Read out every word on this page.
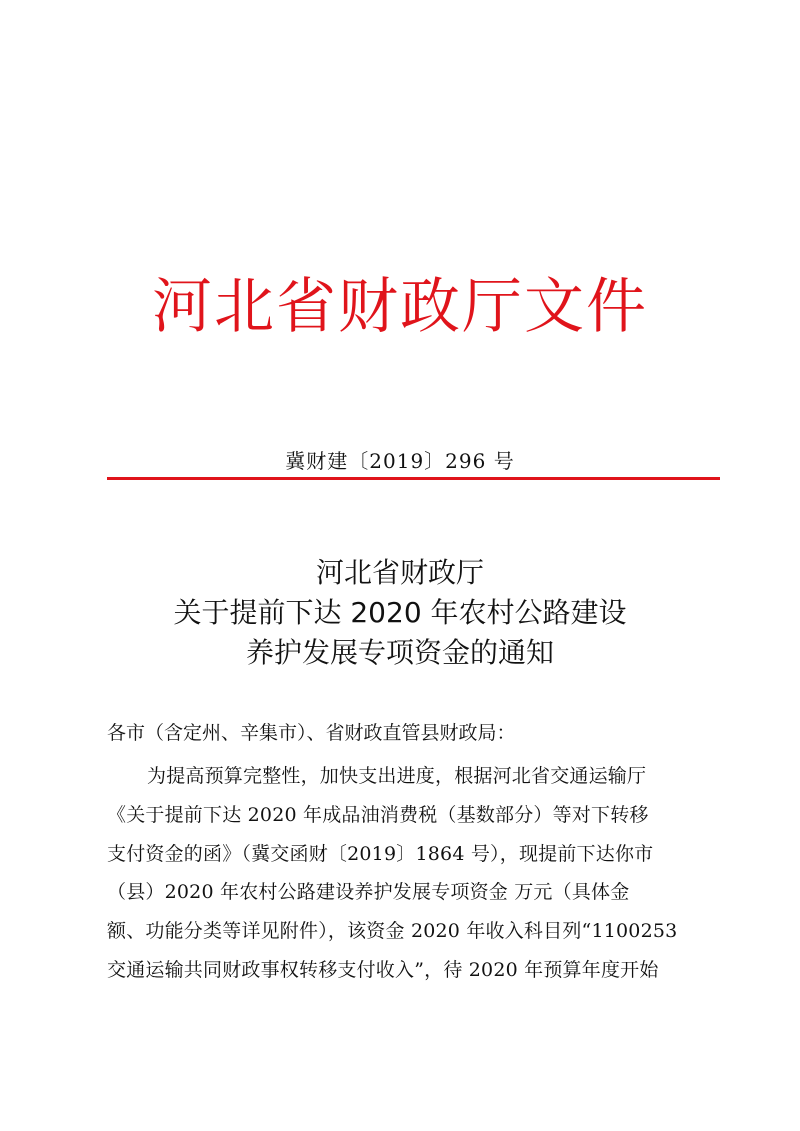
河北省财政厅文件
冀财建〔2019〕296 号
河北省财政厅
关于提前下达 2020 年农村公路建设
养护发展专项资金的通知
各市（含定州、辛集市）、省财政直管县财政局：
为提高预算完整性，加快支出进度，根据河北省交通运输厅
《关于提前下达 2020 年成品油消费税（基数部分）等对下转移
支付资金的函》（冀交函财〔2019〕1864 号），现提前下达你市
（县）2020 年农村公路建设养护发展专项资金 万元（具体金
额、功能分类等详见附件），该资金 2020 年收入科目列“1100253
交通运输共同财政事权转移支付收入”，待 2020 年预算年度开始
